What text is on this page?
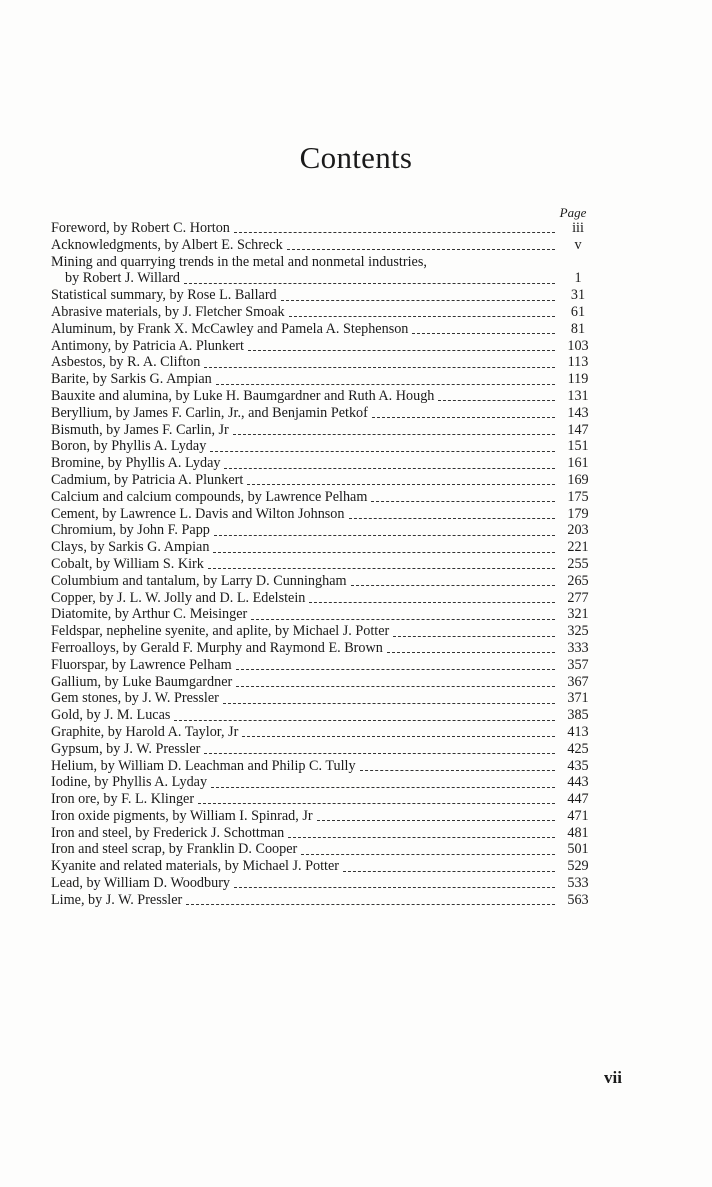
Contents
Page
Foreword, by Robert C. Horton	iii
Acknowledgments, by Albert E. Schreck	v
Mining and quarrying trends in the metal and nonmetal industries,
by Robert J. Willard	1
Statistical summary, by Rose L. Ballard	31
Abrasive materials, by J. Fletcher Smoak	61
Aluminum, by Frank X. McCawley and Pamela A. Stephenson	81
Antimony, by Patricia A. Plunkert	103
Asbestos, by R. A. Clifton	113
Barite, by Sarkis G. Ampian	119
Bauxite and alumina, by Luke H. Baumgardner and Ruth A. Hough	131
Beryllium, by James F. Carlin, Jr., and Benjamin Petkof	143
Bismuth, by James F. Carlin, Jr	147
Boron, by Phyllis A. Lyday	151
Bromine, by Phyllis A. Lyday	161
Cadmium, by Patricia A. Plunkert	169
Calcium and calcium compounds, by Lawrence Pelham	175
Cement, by Lawrence L. Davis and Wilton Johnson	179
Chromium, by John F. Papp	203
Clays, by Sarkis G. Ampian	221
Cobalt, by William S. Kirk	255
Columbium and tantalum, by Larry D. Cunningham	265
Copper, by J. L. W. Jolly and D. L. Edelstein	277
Diatomite, by Arthur C. Meisinger	321
Feldspar, nepheline syenite, and aplite, by Michael J. Potter	325
Ferroalloys, by Gerald F. Murphy and Raymond E. Brown	333
Fluorspar, by Lawrence Pelham	357
Gallium, by Luke Baumgardner	367
Gem stones, by J. W. Pressler	371
Gold, by J. M. Lucas	385
Graphite, by Harold A. Taylor, Jr	413
Gypsum, by J. W. Pressler	425
Helium, by William D. Leachman and Philip C. Tully	435
Iodine, by Phyllis A. Lyday	443
Iron ore, by F. L. Klinger	447
Iron oxide pigments, by William I. Spinrad, Jr	471
Iron and steel, by Frederick J. Schottman	481
Iron and steel scrap, by Franklin D. Cooper	501
Kyanite and related materials, by Michael J. Potter	529
Lead, by William D. Woodbury	533
Lime, by J. W. Pressler	563
vii
